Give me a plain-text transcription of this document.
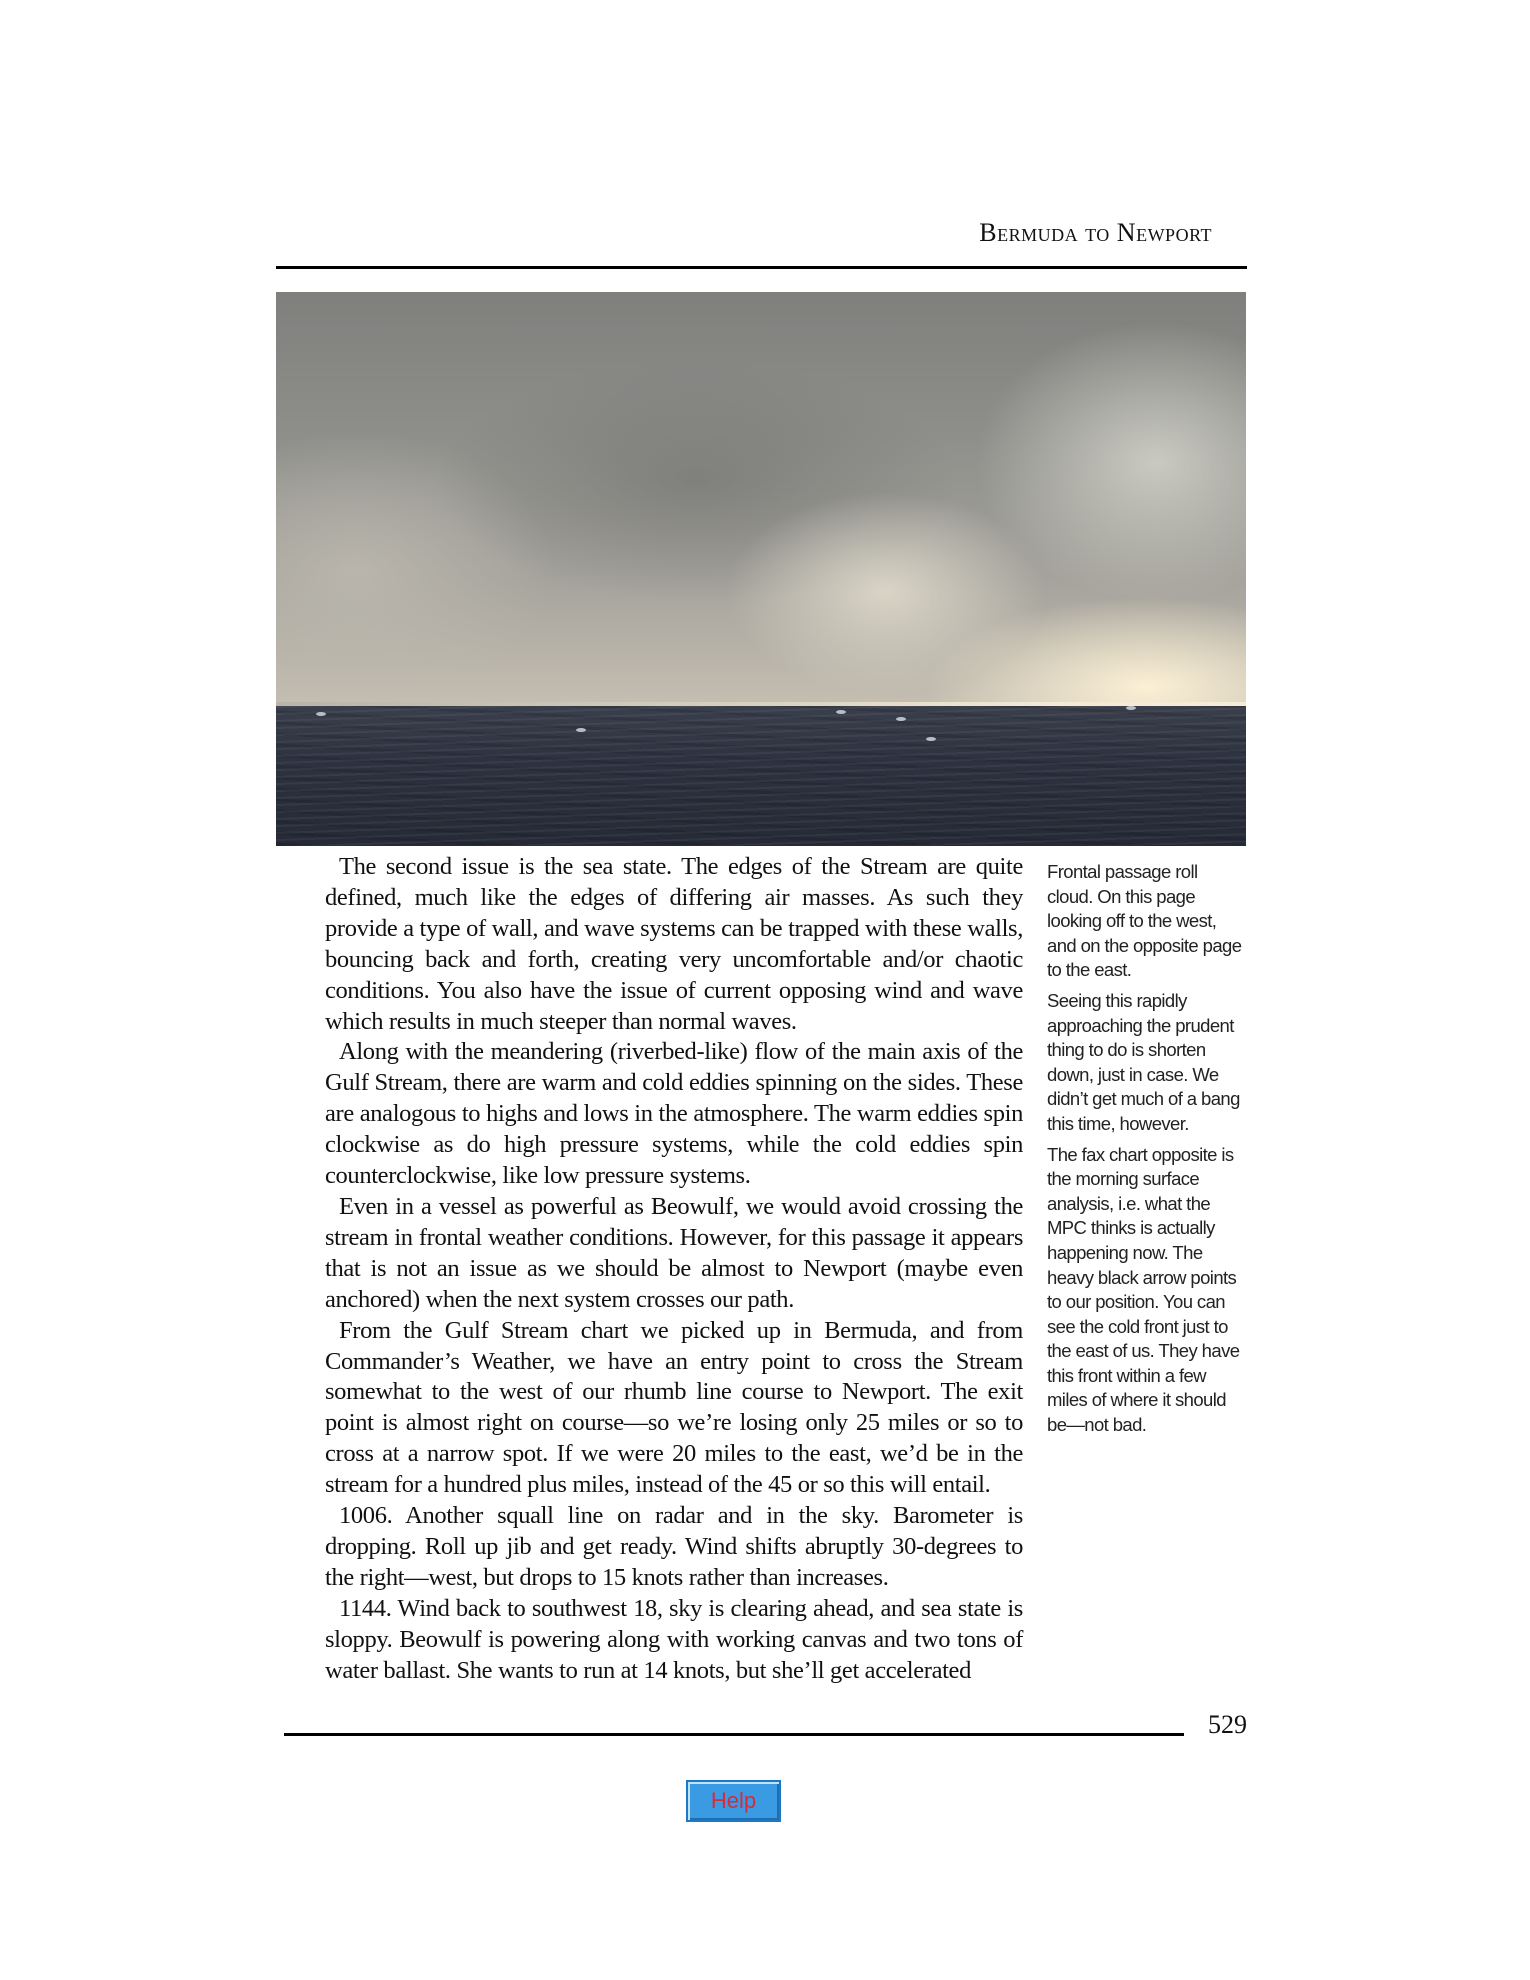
Bermuda to Newport

The second issue is the sea state. The edges of the Stream are quite defined, much like the edges of differing air masses. As such they provide a type of wall, and wave systems can be trapped with these walls, bouncing back and forth, creating very uncomfortable and/or chaotic conditions. You also have the issue of current opposing wind and wave which results in much steeper than normal waves.

Along with the meandering (riverbed-like) flow of the main axis of the Gulf Stream, there are warm and cold eddies spinning on the sides. These are analogous to highs and lows in the atmosphere. The warm eddies spin clockwise as do high pressure systems, while the cold eddies spin counterclockwise, like low pressure systems.

Even in a vessel as powerful as Beowulf, we would avoid crossing the stream in frontal weather conditions. However, for this passage it appears that is not an issue as we should be almost to Newport (maybe even anchored) when the next system crosses our path.

From the Gulf Stream chart we picked up in Bermuda, and from Commander’s Weather, we have an entry point to cross the Stream somewhat to the west of our rhumb line course to Newport. The exit point is almost right on course—so we’re losing only 25 miles or so to cross at a narrow spot. If we were 20 miles to the east, we’d be in the stream for a hundred plus miles, instead of the 45 or so this will entail.

1006. Another squall line on radar and in the sky. Barometer is dropping. Roll up jib and get ready. Wind shifts abruptly 30-degrees to the right—west, but drops to 15 knots rather than increases.

1144. Wind back to southwest 18, sky is clearing ahead, and sea state is sloppy. Beowulf is powering along with working canvas and two tons of water ballast. She wants to run at 14 knots, but she’ll get accelerated

Frontal passage roll cloud. On this page looking off to the west, and on the opposite page to the east.

Seeing this rapidly approaching the prudent thing to do is shorten down, just in case. We didn’t get much of a bang this time, however.

The fax chart opposite is the morning surface analysis, i.e. what the MPC thinks is actually happening now. The heavy black arrow points to our position. You can see the cold front just to the east of us. They have this front within a few miles of where it should be—not bad.

529
Help
